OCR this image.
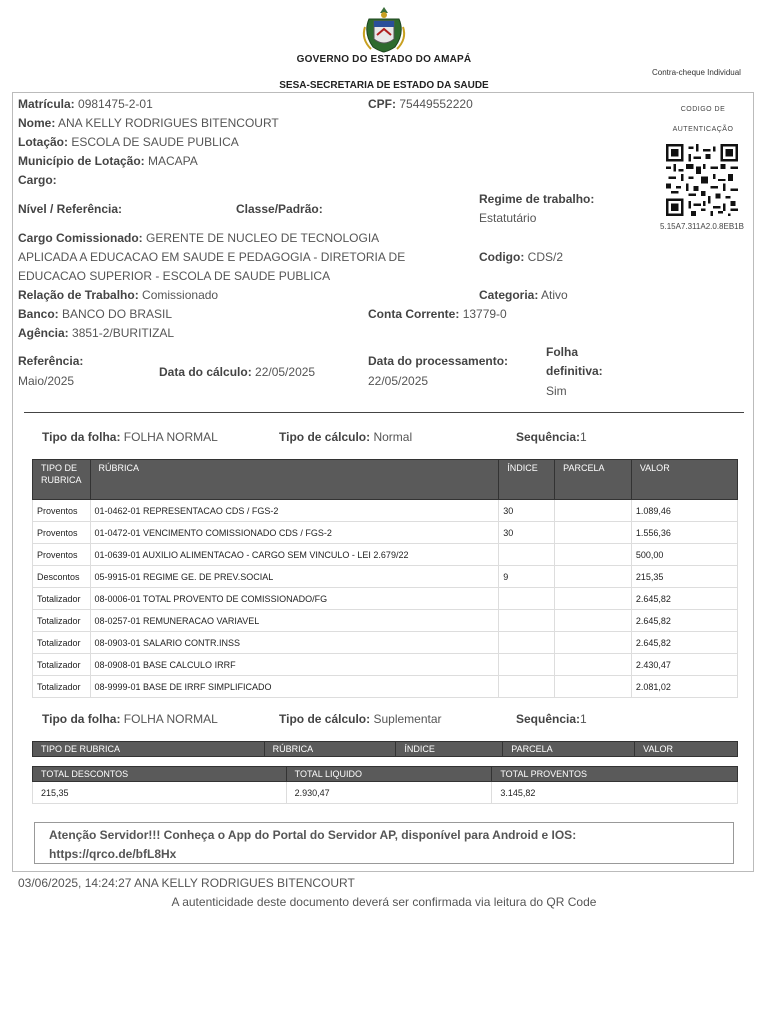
GOVERNO DO ESTADO DO AMAPÁ
Contra-cheque Individual
SESA-SECRETARIA DE ESTADO DA SAUDE
Matrícula: 0981475-2-01	CPF: 75449552220
Nome: ANA KELLY RODRIGUES BITENCOURT
Lotação: ESCOLA DE SAUDE PUBLICA
Município de Lotação: MACAPA
Cargo:
CODIGO DE
AUTENTICAÇÃO
5.15A7.311A2.0.8EB1B
Nível / Referência:	Classe/Padrão:
Regime de trabalho:
Estatutário
Cargo Comissionado: GERENTE DE NUCLEO DE TECNOLOGIA
APLICADA A EDUCACAO EM SAUDE E PEDAGOGIA - DIRETORIA DE
EDUCACAO SUPERIOR - ESCOLA DE SAUDE PUBLICA
Codigo: CDS/2
Relação de Trabalho: Comissionado	Categoria: Ativo
Banco: BANCO DO BRASIL	Conta Corrente: 13779-0
Agência: 3851-2/BURITIZAL
Referência:
Maio/2025
Data do cálculo: 22/05/2025
Data do processamento:
22/05/2025
Folha
definitiva:
Sim
Tipo da folha: FOLHA NORMAL	Tipo de cálculo: Normal	Sequência:1
TIPO DE RUBRICA	RÚBRICA	ÍNDICE	PARCELA	VALOR
Proventos	01-0462-01 REPRESENTACAO CDS / FGS-2	30		1.089,46
Proventos	01-0472-01 VENCIMENTO COMISSIONADO CDS / FGS-2	30		1.556,36
Proventos	01-0639-01 AUXILIO ALIMENTACAO - CARGO SEM VINCULO - LEI 2.679/22			500,00
Descontos	05-9915-01 REGIME GE. DE PREV.SOCIAL	9		215,35
Totalizador	08-0006-01 TOTAL PROVENTO DE COMISSIONADO/FG			2.645,82
Totalizador	08-0257-01 REMUNERACAO VARIAVEL			2.645,82
Totalizador	08-0903-01 SALARIO CONTR.INSS			2.645,82
Totalizador	08-0908-01 BASE CALCULO IRRF			2.430,47
Totalizador	08-9999-01 BASE DE IRRF SIMPLIFICADO			2.081,02
Tipo da folha: FOLHA NORMAL	Tipo de cálculo: Suplementar	Sequência:1
TIPO DE RUBRICA	RÚBRICA	ÍNDICE	PARCELA	VALOR
TOTAL DESCONTOS	TOTAL LIQUIDO	TOTAL PROVENTOS
215,35	2.930,47	3.145,82
Atenção Servidor!!! Conheça o App do Portal do Servidor AP, disponível para Android e IOS:
https://qrco.de/bfL8Hx
03/06/2025, 14:24:27 ANA KELLY RODRIGUES BITENCOURT
A autenticidade deste documento deverá ser confirmada via leitura do QR Code
